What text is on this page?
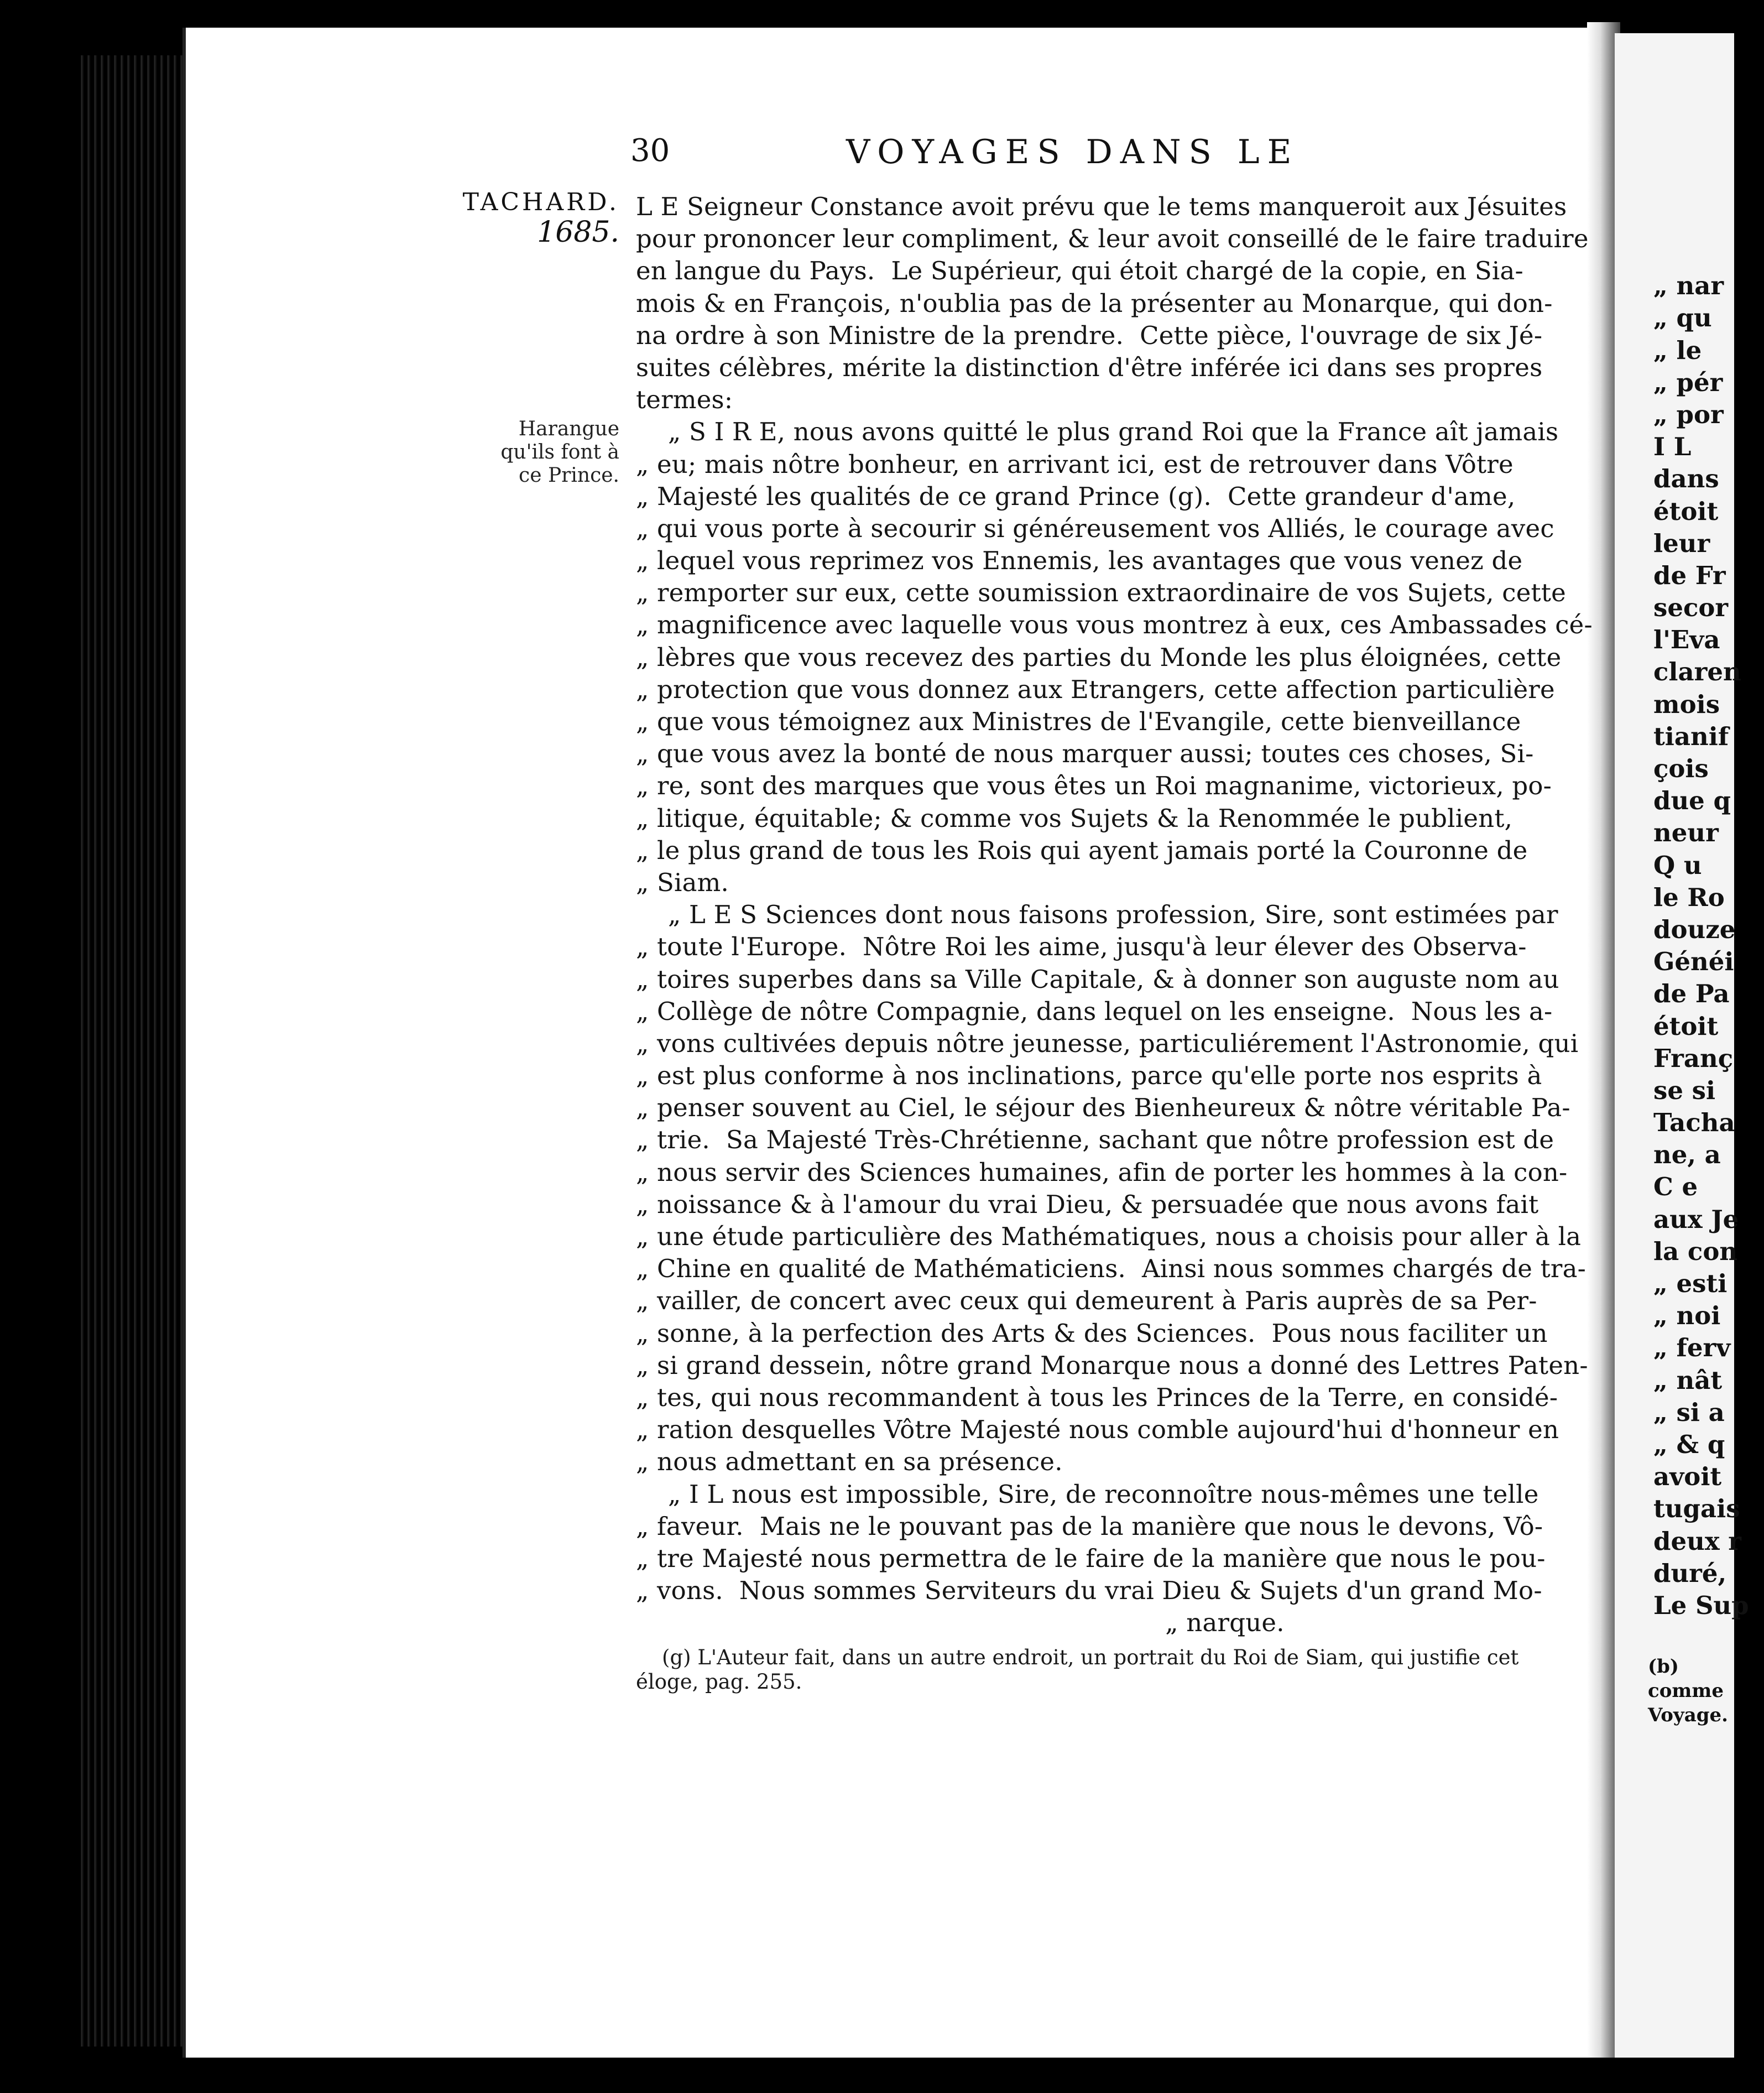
30	VOYAGES DANS LE
TACHARD.
1685.
Harangue
qu'ils font à
ce Prince.
L E Seigneur Constance avoit prévu que le tems manqueroit aux Jésuites
pour prononcer leur compliment, & leur avoit conseillé de le faire traduire
en langue du Pays.  Le Supérieur, qui étoit chargé de la copie, en Sia-
mois & en François, n'oublia pas de la présenter au Monarque, qui don-
na ordre à son Ministre de la prendre.  Cette pièce, l'ouvrage de six Jé-
suites célèbres, mérite la distinction d'être inférée ici dans ses propres
termes:
„ S I R E, nous avons quitté le plus grand Roi que la France aît jamais
„ eu; mais nôtre bonheur, en arrivant ici, est de retrouver dans Vôtre
„ Majesté les qualités de ce grand Prince (g).  Cette grandeur d'ame,
„ qui vous porte à secourir si généreusement vos Alliés, le courage avec
„ lequel vous reprimez vos Ennemis, les avantages que vous venez de
„ remporter sur eux, cette soumission extraordinaire de vos Sujets, cette
„ magnificence avec laquelle vous vous montrez à eux, ces Ambassades cé-
„ lèbres que vous recevez des parties du Monde les plus éloignées, cette
„ protection que vous donnez aux Etrangers, cette affection particulière
„ que vous témoignez aux Ministres de l'Evangile, cette bienveillance
„ que vous avez la bonté de nous marquer aussi; toutes ces choses, Si-
„ re, sont des marques que vous êtes un Roi magnanime, victorieux, po-
„ litique, équitable; & comme vos Sujets & la Renommée le publient,
„ le plus grand de tous les Rois qui ayent jamais porté la Couronne de
„ Siam.
„ L E S Sciences dont nous faisons profession, Sire, sont estimées par
„ toute l'Europe.  Nôtre Roi les aime, jusqu'à leur élever des Observa-
„ toires superbes dans sa Ville Capitale, & à donner son auguste nom au
„ Collège de nôtre Compagnie, dans lequel on les enseigne.  Nous les a-
„ vons cultivées depuis nôtre jeunesse, particuliérement l'Astronomie, qui
„ est plus conforme à nos inclinations, parce qu'elle porte nos esprits à
„ penser souvent au Ciel, le séjour des Bienheureux & nôtre véritable Pa-
„ trie.  Sa Majesté Très-Chrétienne, sachant que nôtre profession est de
„ nous servir des Sciences humaines, afin de porter les hommes à la con-
„ noissance & à l'amour du vrai Dieu, & persuadée que nous avons fait
„ une étude particulière des Mathématiques, nous a choisis pour aller à la
„ Chine en qualité de Mathématiciens.  Ainsi nous sommes chargés de tra-
„ vailler, de concert avec ceux qui demeurent à Paris auprès de sa Per-
„ sonne, à la perfection des Arts & des Sciences.  Pous nous faciliter un
„ si grand dessein, nôtre grand Monarque nous a donné des Lettres Paten-
„ tes, qui nous recommandent à tous les Princes de la Terre, en considé-
„ ration desquelles Vôtre Majesté nous comble aujourd'hui d'honneur en
„ nous admettant en sa présence.
„ I L nous est impossible, Sire, de reconnoître nous-mêmes une telle
„ faveur.  Mais ne le pouvant pas de la manière que nous le devons, Vô-
„ tre Majesté nous permettra de le faire de la manière que nous le pou-
„ vons.  Nous sommes Serviteurs du vrai Dieu & Sujets d'un grand Mo-
„ narque.
(g) L'Auteur fait, dans un autre endroit, un portrait du Roi de Siam, qui justifie cet
éloge, pag. 255.
„ nar
„ qu
„ le
„ pér
„ por
I L
dans
étoit
leur
de Fr
secor
l'Eva
claren
mois
tianif
çois
due q
neur
Q u
le Ro
douze
Généi
de Pa
étoit
Franç
se si
Tacha
ne, a
C e
aux Je
la con
„ esti
„ noi
„ ferv
„ nât
„ si a
„ & q
avoit
tugais
deux r
duré,
Le Sup
(b)
comme
Voyage.
